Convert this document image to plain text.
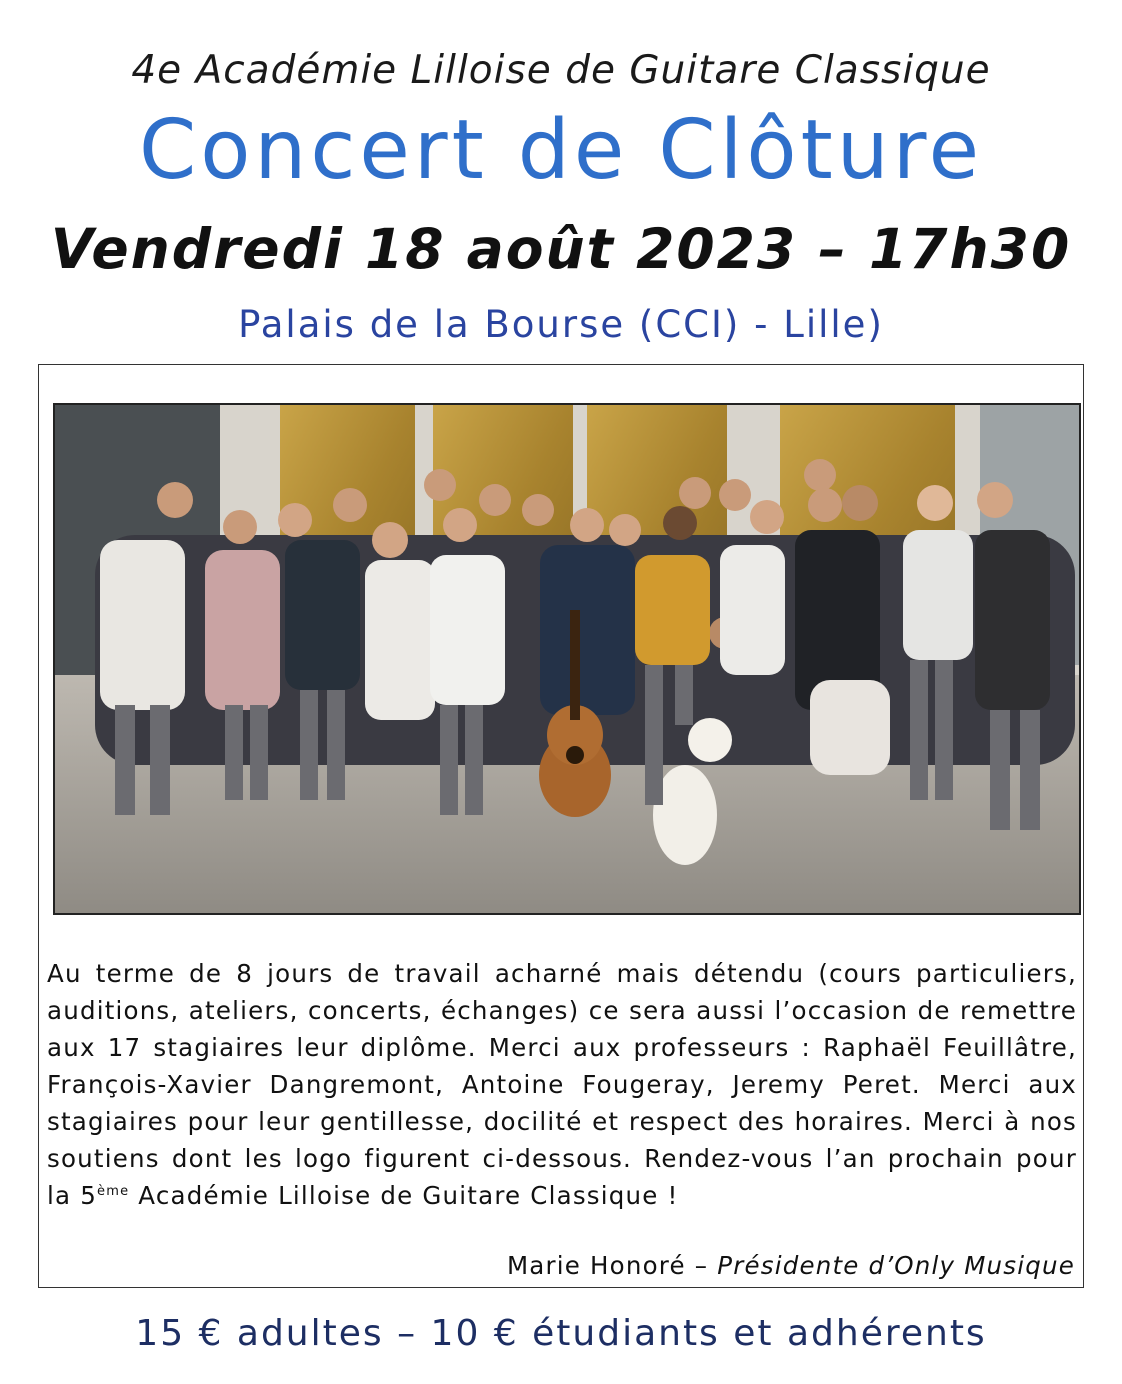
4e Académie Lilloise de Guitare Classique
Concert de Clôture
Vendredi 18 août 2023 – 17h30
Palais de la Bourse (CCI) - Lille)
Au terme de 8 jours de travail acharné mais détendu (cours particuliers, auditions, ateliers, concerts, échanges) ce sera aussi l’occasion de remettre aux 17 stagiaires leur diplôme. Merci aux professeurs : Raphaël Feuillâtre, François-Xavier Dangremont, Antoine Fougeray, Jeremy Peret. Merci aux stagiaires pour leur gentillesse, docilité et respect des horaires. Merci à nos soutiens dont les logo figurent ci-dessous. Rendez-vous l’an prochain pour la 5ème Académie Lilloise de Guitare Classique !
Marie Honoré – Présidente d’Only Musique
15 € adultes – 10 € étudiants et adhérents
